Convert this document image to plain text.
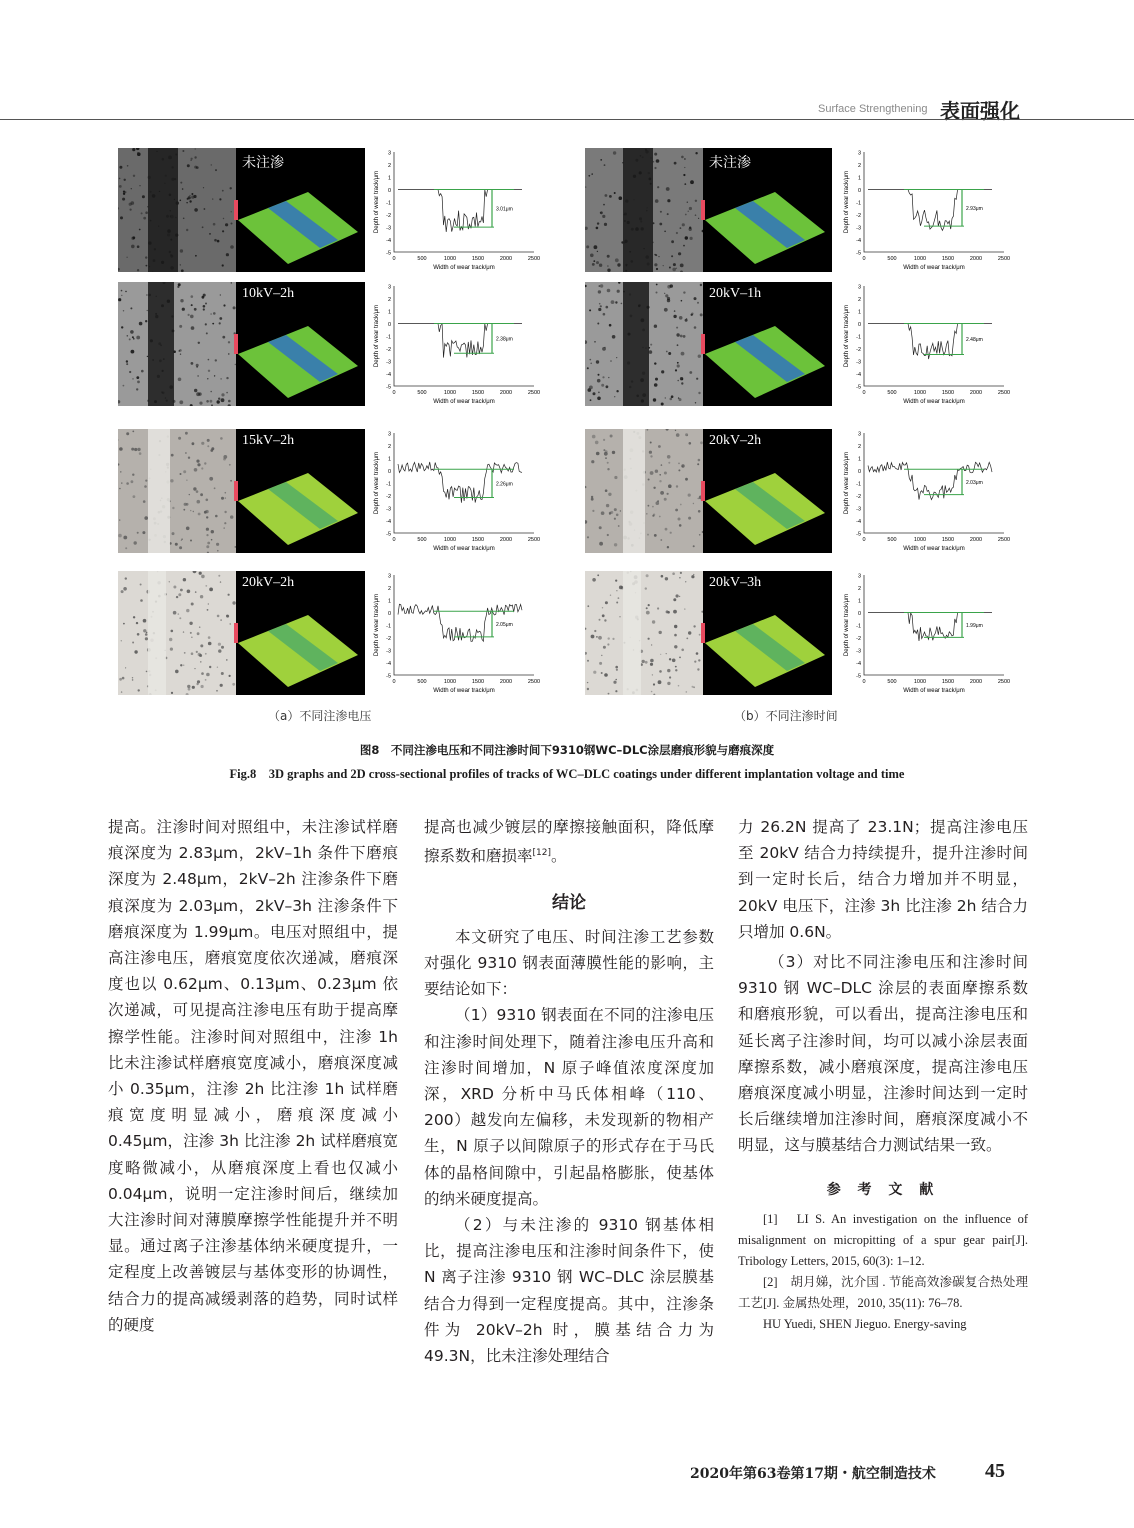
Surface Strengthening 表面强化
未注渗
3
2
1
0
-1
-2
-3
-4
-5
0	500	1000	1500	2000	2500
Width of wear track/μm
Depth of wear track/μm	3.01μm
10kV–2h	3
2
1
0
-1
-2
-3
-4
-5
0	500	1000	1500	2000	2500
Width of wear track/μm
Depth of wear track/μm	2.38μm
15kV–2h	3
2
1
0
-1
-2
-3
-4
-5
0	500	1000	1500	2000	2500
Width of wear track/μm
Depth of wear track/μm	2.26μm
20kV–2h	3
2
1
0
-1
-2
-3
-4
-5
0	500	1000	1500	2000	2500
Width of wear track/μm
Depth of wear track/μm	2.05μm
未注渗
3
2
1
0
-1
-2
-3
-4
-5
0	500	1000	1500	2000	2500
Width of wear track/μm
Depth of wear track/μm	2.93μm
20kV–1h	3
2
1
0
-1
-2
-3
-4
-5
0	500	1000	1500	2000	2500
Width of wear track/μm
Depth of wear track/μm	2.48μm
20kV–2h	3
2
1
0
-1
-2
-3
-4
-5
0	500	1000	1500	2000	2500
Width of wear track/μm
Depth of wear track/μm	2.03μm
20kV–3h	3
2
1
0
-1
-2
-3
-4
-5
0	500	1000	1500	2000	2500
Width of wear track/μm
Depth of wear track/μm	1.99μm
（a）不同注渗电压	（b）不同注渗时间
图8　不同注渗电压和不同注渗时间下9310钢WC–DLC涂层磨痕形貌与磨痕深度
Fig.8　3D graphs and 2D cross-sectional profiles of tracks of WC–DLC coatings under different implantation voltage and time

提高。注渗时间对照组中，未注渗试样磨痕深度为 2.83μm，2kV–1h 条件下磨痕深度为 2.48μm，2kV–2h 注渗条件下磨痕深度为 2.03μm，2kV–3h 注渗条件下磨痕深度为 1.99μm。电压对照组中，提高注渗电压，磨痕宽度依次递减，磨痕深度也以 0.62μm、0.13μm、0.23μm 依次递减，可见提高注渗电压有助于提高摩擦学性能。注渗时间对照组中，注渗 1h 比未注渗试样磨痕宽度减小，磨痕深度减小 0.35μm，注渗 2h 比注渗 1h 试样磨痕宽度明显减小，磨痕深度减小 0.45μm，注渗 3h 比注渗 2h 试样磨痕宽度略微减小，从磨痕深度上看也仅减小 0.04μm，说明一定注渗时间后，继续加大注渗时间对薄膜摩擦学性能提升并不明显。通过离子注渗基体纳米硬度提升，一定程度上改善镀层与基体变形的协调性，结合力的提高减缓剥落的趋势，同时试样的硬度

提高也减少镀层的摩擦接触面积，降低摩擦系数和磨损率[12]。

结论

本文研究了电压、时间注渗工艺参数对强化 9310 钢表面薄膜性能的影响，主要结论如下：

（1）9310 钢表面在不同的注渗电压和注渗时间处理下，随着注渗电压升高和注渗时间增加，N 原子峰值浓度深度加深，XRD 分析中马氏体相峰（110、200）越发向左偏移，未发现新的物相产生，N 原子以间隙原子的形式存在于马氏体的晶格间隙中，引起晶格膨胀，使基体的纳米硬度提高。

（2）与未注渗的 9310 钢基体相比，提高注渗电压和注渗时间条件下，使 N 离子注渗 9310 钢 WC–DLC 涂层膜基结合力得到一定程度提高。其中，注渗条件为 20kV–2h 时，膜基结合力为 49.3N，比未注渗处理结合

力 26.2N 提高了 23.1N；提高注渗电压至 20kV 结合力持续提升，提升注渗时间到一定时长后，结合力增加并不明显，20kV 电压下，注渗 3h 比注渗 2h 结合力只增加 0.6N。

（3）对比不同注渗电压和注渗时间 9310 钢 WC–DLC 涂层的表面摩擦系数和磨痕形貌，可以看出，提高注渗电压和延长离子注渗时间，均可以减小涂层表面摩擦系数，减小磨痕深度，提高注渗电压磨痕深度减小明显，注渗时间达到一定时长后继续增加注渗时间，磨痕深度减小不明显，这与膜基结合力测试结果一致。

参 考 文 献

[1]　LI S. An investigation on the influence of misalignment on micropitting of a spur gear pair[J]. Tribology Letters, 2015, 60(3): 1–12.

[2]　胡月娣，沈介国 . 节能高效渗碳复合热处理工艺[J]. 金属热处理，2010, 35(11): 76–78.

HU Yuedi, SHEN Jieguo. Energy-saving

2020年第63卷第17期・航空制造技术 45
